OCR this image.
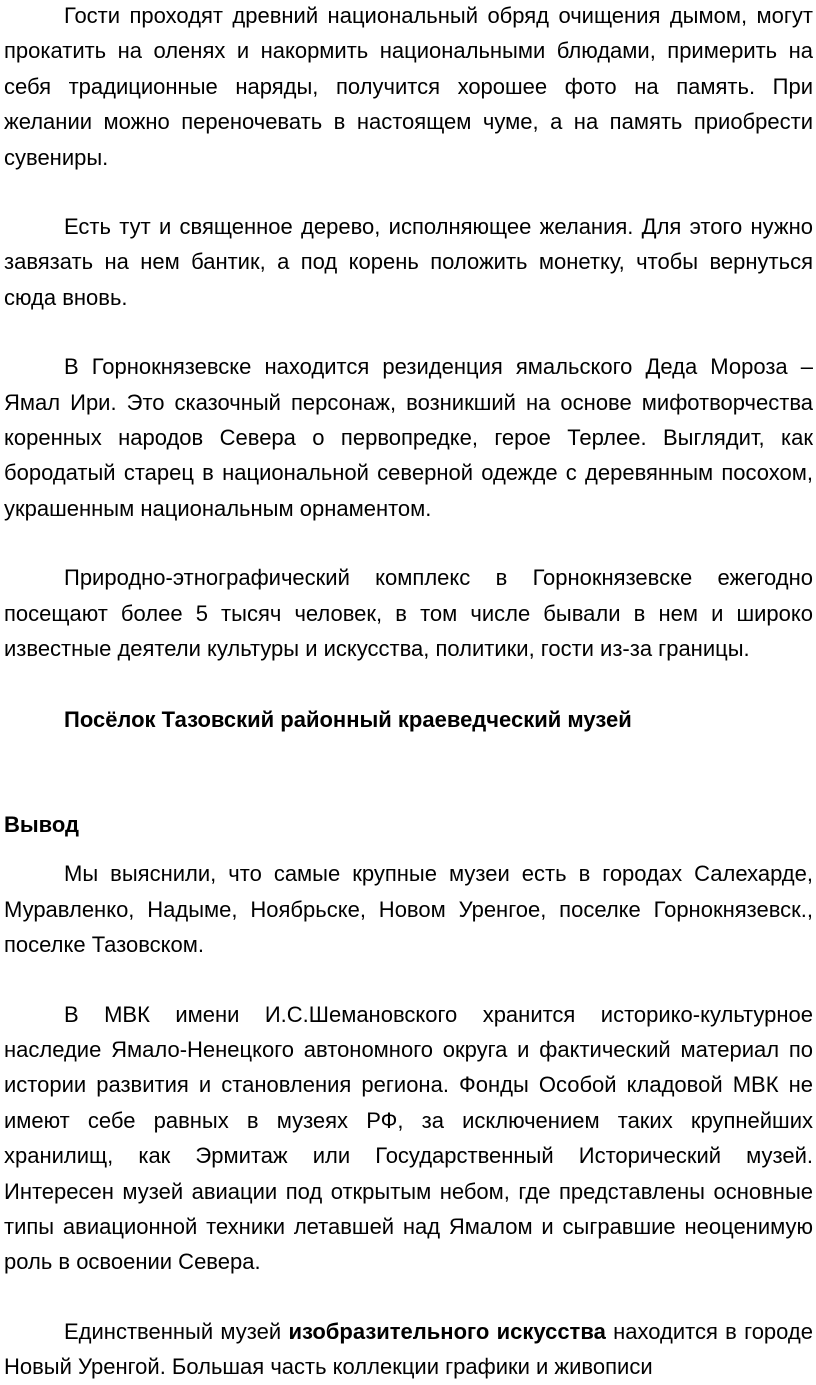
Гости проходят древний национальный обряд очищения дымом, могут прокатить на оленях и накормить национальными блюдами, примерить на себя традиционные наряды, получится хорошее фото на память. При желании можно переночевать в настоящем чуме, а на память приобрести сувениры.

Есть тут и священное дерево, исполняющее желания. Для этого нужно завязать на нем бантик, а под корень положить монетку, чтобы вернуться сюда вновь.

В Горнокнязевске находится резиденция ямальского Деда Мороза – Ямал Ири. Это сказочный персонаж, возникший на основе мифотворчества коренных народов Севера о первопредке, герое Терлее. Выглядит, как бородатый старец в национальной северной одежде с деревянным посохом, украшенным национальным орнаментом.

Природно-этнографический комплекс в Горнокнязевске ежегодно посещают более 5 тысяч человек, в том числе бывали в нем и широко известные деятели культуры и искусства, политики, гости из-за границы.

Посёлок Тазовский районный краеведческий музей

Вывод

Мы выяснили, что самые крупные музеи есть в городах Салехарде, Муравленко, Надыме, Ноябрьске, Новом Уренгое, поселке Горнокнязевск., поселке Тазовском.

В МВК имени И.С.Шемановского хранится историко-культурное наследие Ямало-Ненецкого автономного округа и фактический материал по истории развития и становления региона. Фонды Особой кладовой МВК не имеют себе равных в музеях РФ, за исключением таких крупнейших хранилищ, как Эрмитаж или Государственный Исторический музей. Интересен музей авиации под открытым небом, где представлены основные типы авиационной техники летавшей над Ямалом и сыгравшие неоценимую роль в освоении Севера.

Единственный музей изобразительного искусства находится в городе Новый Уренгой. Большая часть коллекции графики и живописи
